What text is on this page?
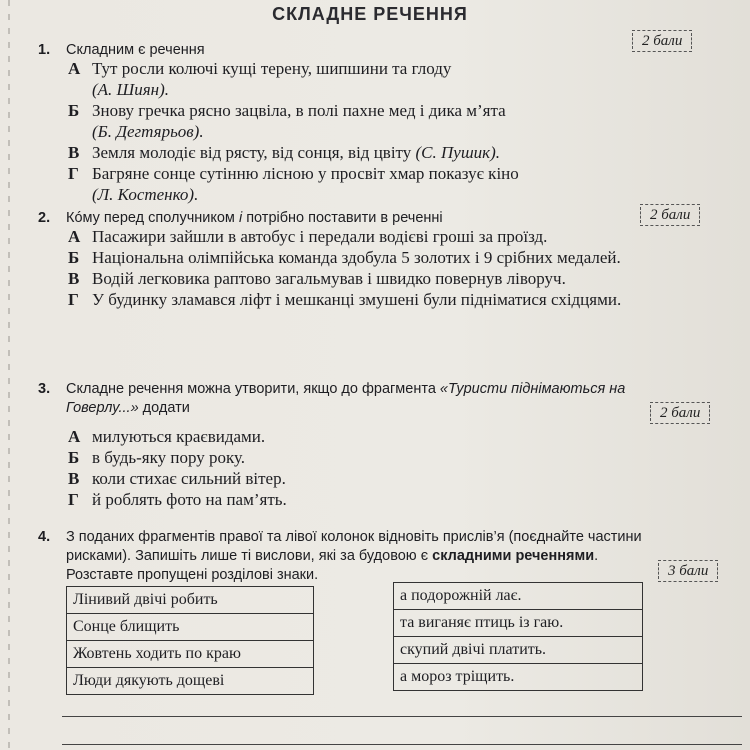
СКЛАДНЕ РЕЧЕННЯ
1. Складним є речення
2 бали
А Тут росли колючі кущі терену, шипшини та глоду
(А. Шиян).
Б Знову гречка рясно зацвіла, в полі пахне мед і дика м’ята
(Б. Дегтярьов).
В Земля молодіє від рясту, від сонця, від цвіту (С. Пушик).
Г Багряне сонце сутінню лісною у просвіт хмар показує кіно
(Л. Костенко).
2. Кóму перед сполучником і потрібно поставити в реченні	2 бали
А Пасажири зайшли в автобус і передали водієві гроші за проїзд.
Б Національна олімпійська команда здобула 5 золотих і 9 срібних медалей.
В Водій легковика раптово загальмував і швидко повернув ліворуч.
Г У будинку зламався ліфт і мешканці змушені були підніматися східцями.
3. Складне речення можна утворити, якщо до фрагмента «Туристи піднімаються на Говерлу...» додати	2 бали
А милуються краєвидами.
Б в будь-яку пору року.
В коли стихає сильний вітер.
Г й роблять фото на пам’ять.
4. З поданих фрагментів правої та лівої колонок відновіть прислів’я (поєднайте частини рисками). Запишіть лише ті вислови, які за будовою є складними реченнями. Розставте пропущені розділові знаки.	3 бали
Лінивий двічі робить
Сонце блищить
Жовтень ходить по краю
Люди дякують дощеві
а подорожній лає.
та виганяє птиць із гаю.
скупий двічі платить.
а мороз тріщить.
